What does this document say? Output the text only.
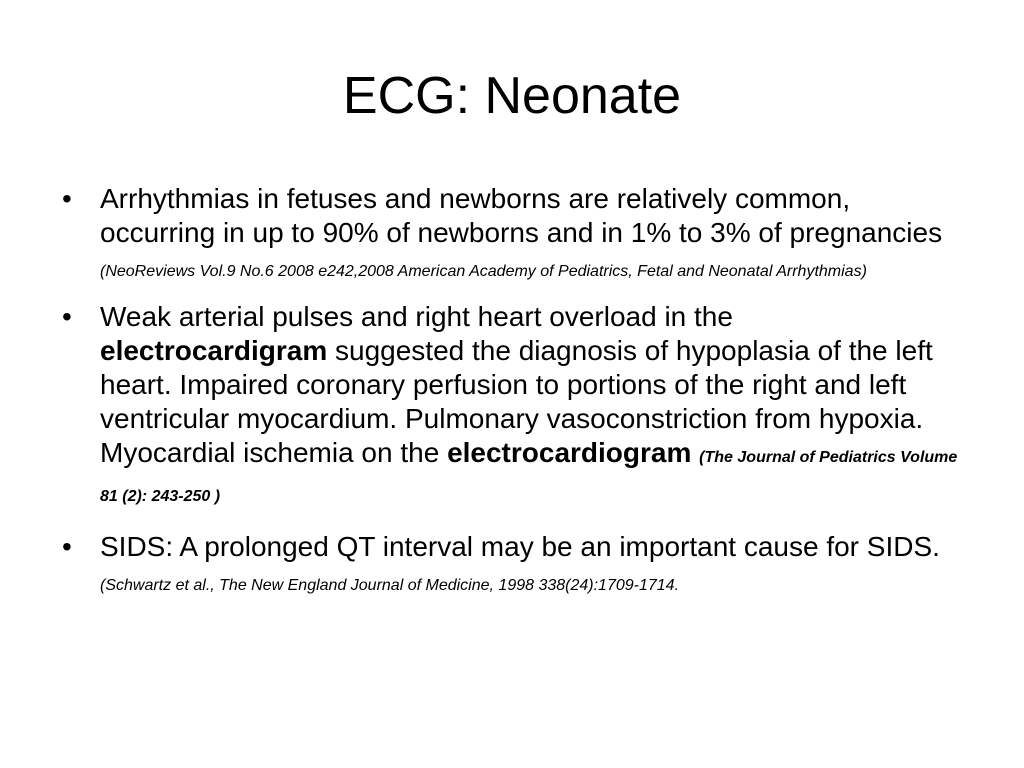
ECG: Neonate
•	Arrhythmias in fetuses and newborns are relatively common, occurring in up to 90% of newborns and in 1% to 3% of pregnancies (NeoReviews Vol.9 No.6 2008 e242,2008 American Academy of Pediatrics, Fetal and Neonatal Arrhythmias)
•	Weak arterial pulses and right heart overload in the electrocardigram suggested the diagnosis of hypoplasia of the left heart. Impaired coronary perfusion to portions of the right and left ventricular myocardium. Pulmonary vasoconstriction from hypoxia. Myocardial ischemia on the electrocardiogram (The Journal of Pediatrics Volume 81 (2): 243-250 )
•	SIDS: A prolonged QT interval may be an important cause for SIDS. (Schwartz et al., The New England Journal of Medicine, 1998 338(24):1709-1714.
